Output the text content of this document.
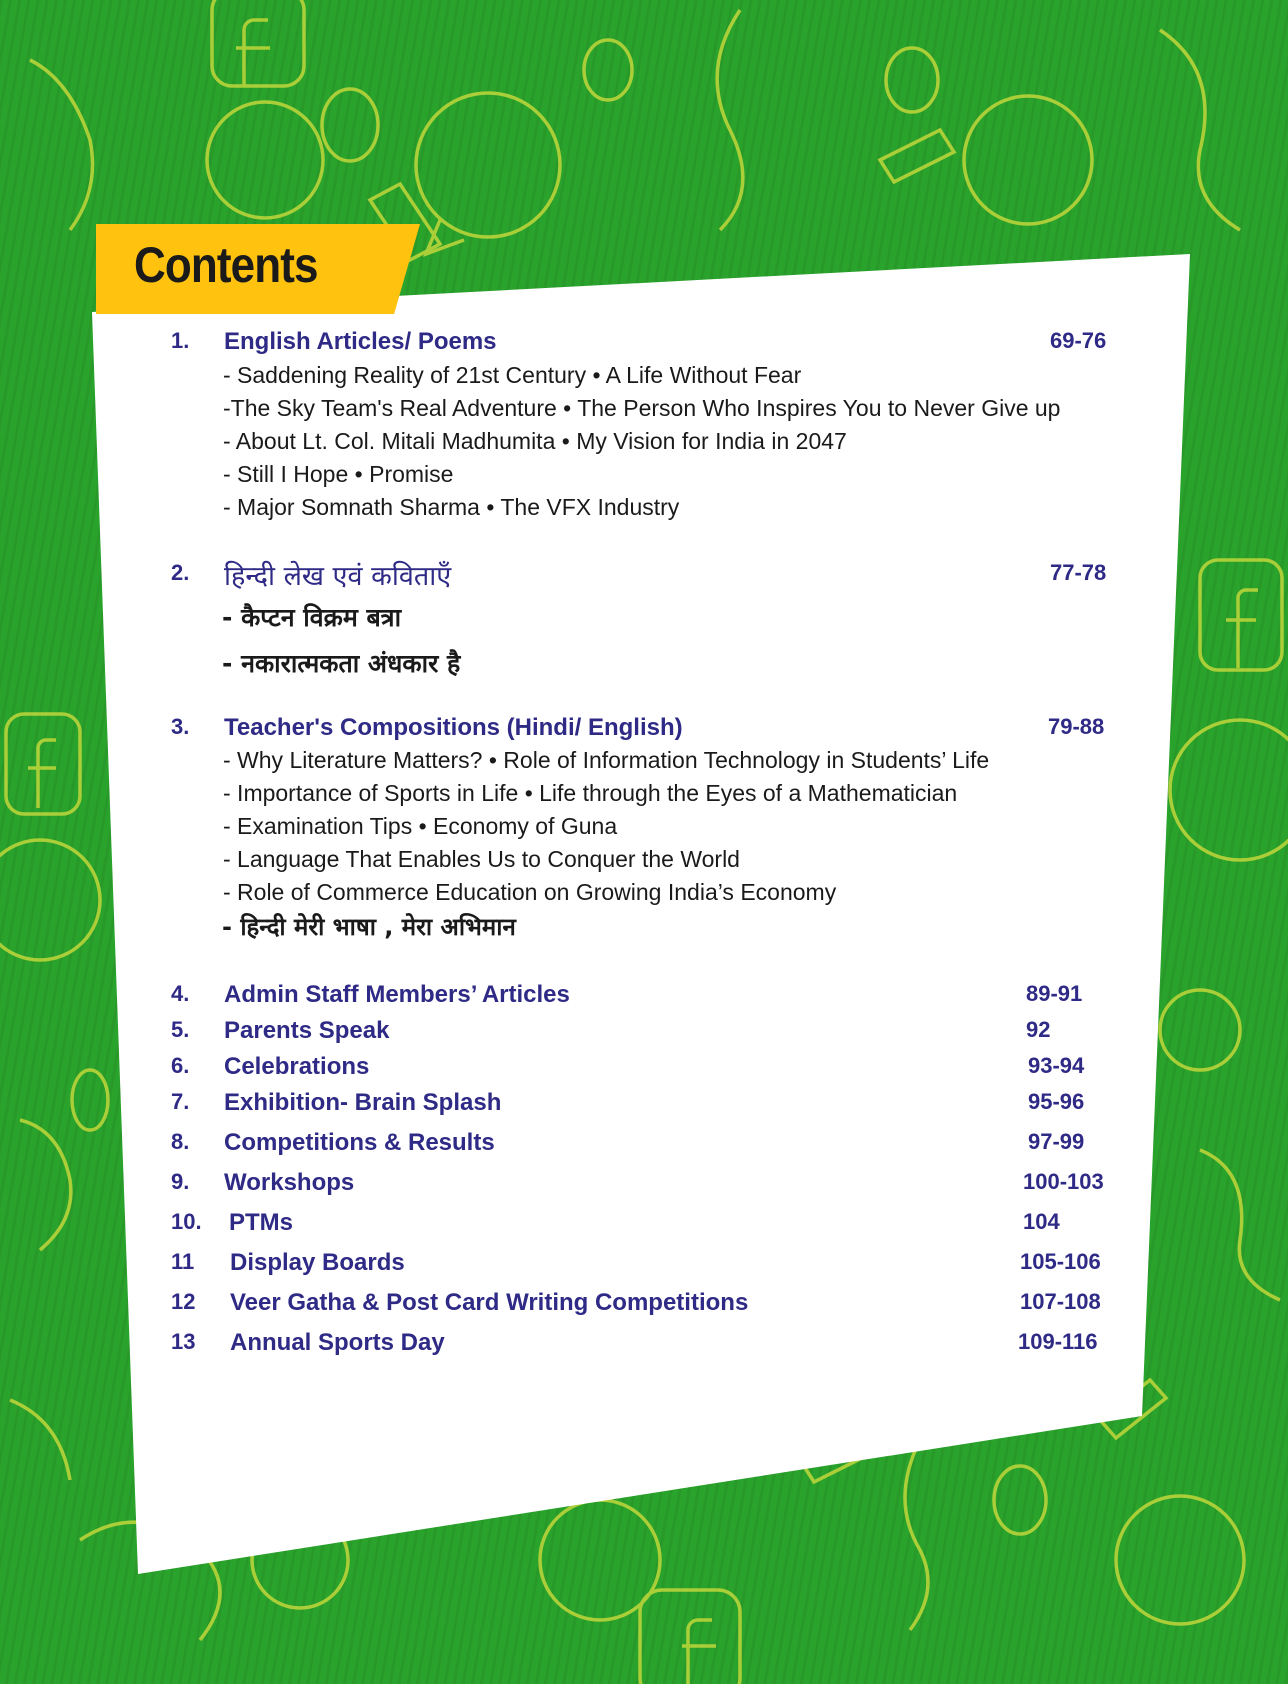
Contents
1. English Articles/ Poems	69-76
- Saddening Reality of 21st Century • A Life Without Fear
-The Sky Team's Real Adventure • The Person Who Inspires You to Never Give up
- About Lt. Col. Mitali Madhumita • My Vision for India in 2047
- Still I Hope • Promise
- Major Somnath Sharma • The VFX Industry
2. हिन्दी लेख एवं कविताएँ	77-78
- कैप्टन विक्रम बत्रा
- नकारात्मकता अंधकार है
3. Teacher's Compositions (Hindi/ English)	79-88
- Why Literature Matters? • Role of Information Technology in Students’ Life
- Importance of Sports in Life • Life through the Eyes of a Mathematician
- Examination Tips • Economy of Guna
- Language That Enables Us to Conquer the World
- Role of Commerce Education on Growing India’s Economy
- हिन्दी मेरी भाषा , मेरा अभिमान
4. Admin Staff Members’ Articles	89-91
5. Parents Speak	92
6. Celebrations	93-94
7. Exhibition- Brain Splash	95-96
8. Competitions & Results	97-99
9. Workshops	100-103
10. PTMs	104
11 Display Boards	105-106
12 Veer Gatha & Post Card Writing Competitions	107-108
13 Annual Sports Day	109-116
